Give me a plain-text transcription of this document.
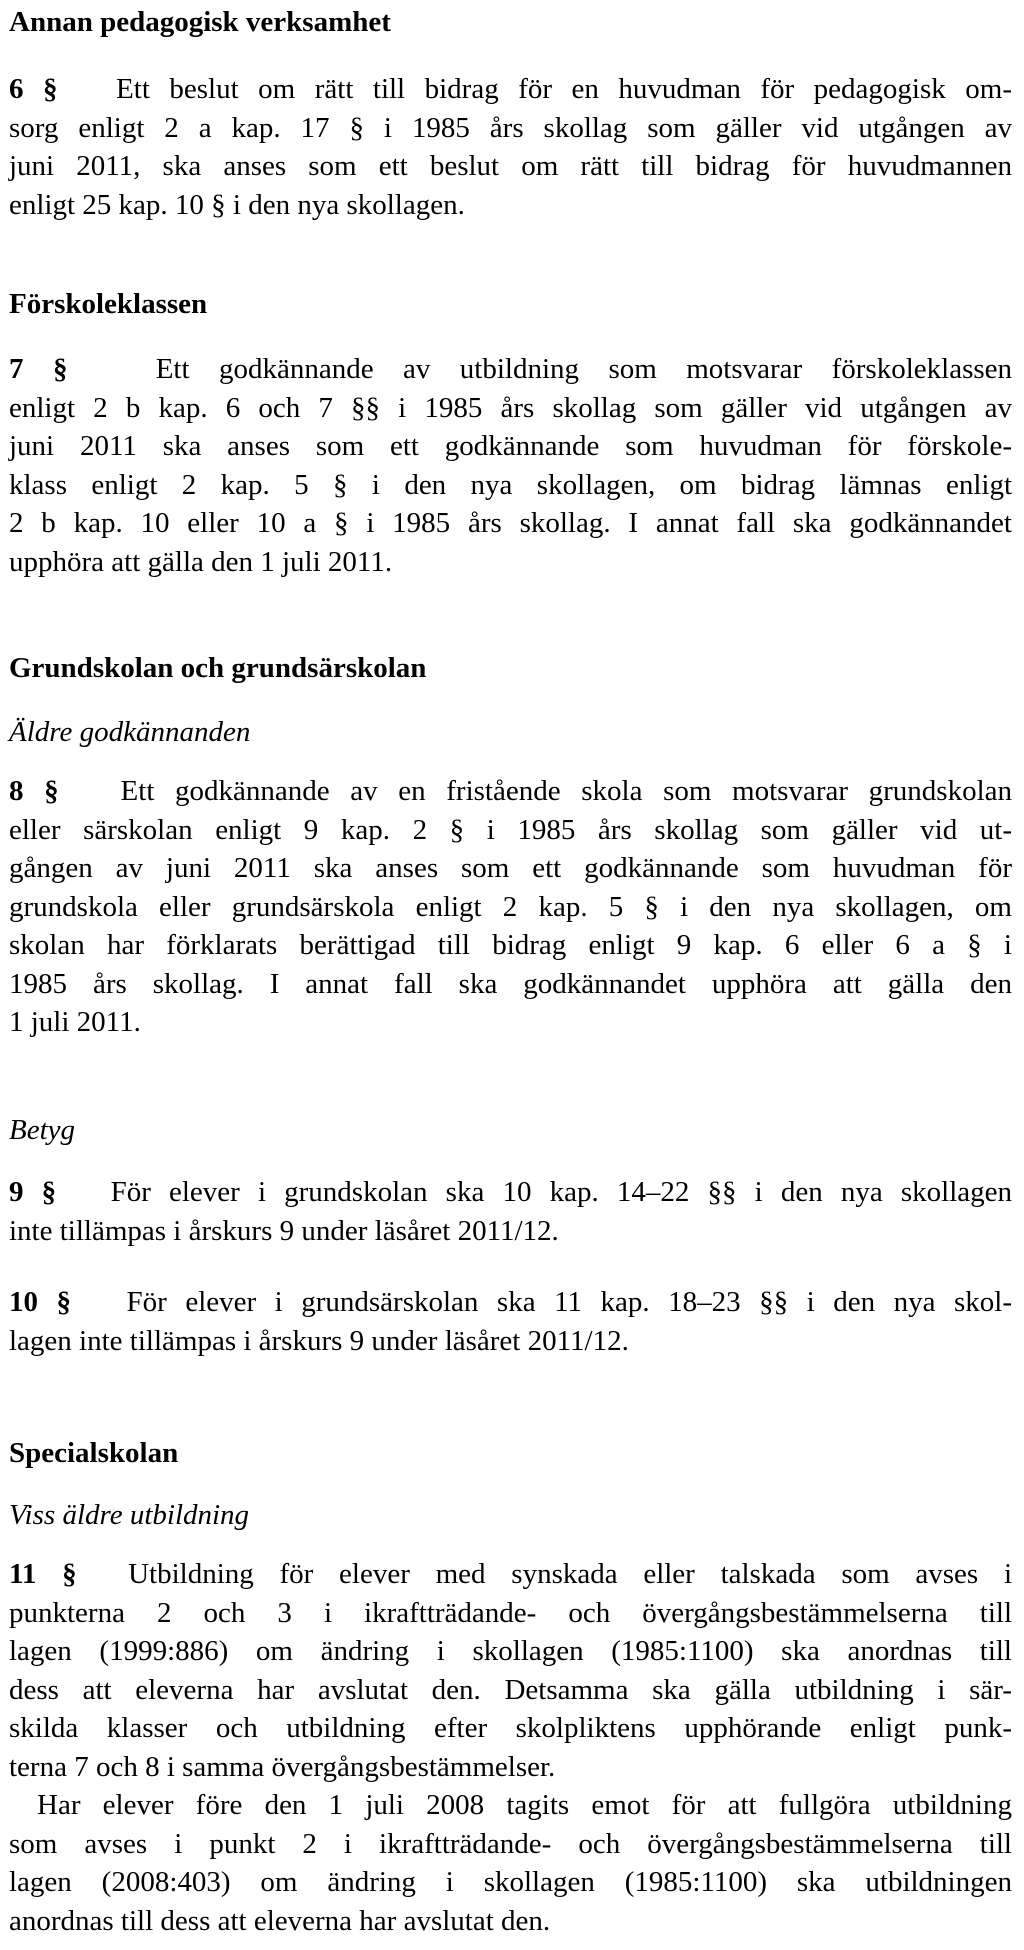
Annan pedagogisk verksamhet
6 § Ett beslut om rätt till bidrag för en huvudman för pedagogisk om-
sorg enligt 2 a kap. 17 § i 1985 års skollag som gäller vid utgången av
juni 2011, ska anses som ett beslut om rätt till bidrag för huvudmannen
enligt 25 kap. 10 § i den nya skollagen.
Förskoleklassen
7 §	Ett godkännande av utbildning som motsvarar förskoleklassen
enligt 2 b kap. 6 och 7 §§ i 1985 års skollag som gäller vid utgången av
juni 2011 ska anses som ett godkännande som huvudman för förskole-
klass enligt 2 kap. 5 § i den nya skollagen, om bidrag lämnas enligt
2 b kap. 10 eller 10 a § i 1985 års skollag. I annat fall ska godkännandet
upphöra att gälla den 1 juli 2011.
Grundskolan och grundsärskolan
Äldre godkännanden
8 § Ett godkännande av en fristående skola som motsvarar grundskolan
eller särskolan enligt 9 kap. 2 § i 1985 års skollag som gäller vid ut-
gången av juni 2011 ska anses som ett godkännande som huvudman för
grundskola eller grundsärskola enligt 2 kap. 5 § i den nya skollagen, om
skolan har förklarats berättigad till bidrag enligt 9 kap. 6 eller 6 a § i
1985 års skollag. I annat fall ska godkännandet upphöra att gälla den
1 juli 2011.
Betyg
9 § För elever i grundskolan ska 10 kap. 14–22 §§ i den nya skollagen
inte tillämpas i årskurs 9 under läsåret 2011/12.
10 § För elever i grundsärskolan ska 11 kap. 18–23 §§ i den nya skol-
lagen inte tillämpas i årskurs 9 under läsåret 2011/12.
Specialskolan
Viss äldre utbildning
11 § Utbildning för elever med synskada eller talskada som avses i
punkterna 2 och 3 i ikraftträdande- och övergångsbestämmelserna till
lagen (1999:886) om ändring i skollagen (1985:1100) ska anordnas till
dess att eleverna har avslutat den. Detsamma ska gälla utbildning i sär-
skilda klasser och utbildning efter skolpliktens upphörande enligt punk-
terna 7 och 8 i samma övergångsbestämmelser.
Har elever före den 1 juli 2008 tagits emot för att fullgöra utbildning
som avses i punkt 2 i ikraftträdande- och övergångsbestämmelserna till
lagen (2008:403) om ändring i skollagen (1985:1100) ska utbildningen
anordnas till dess att eleverna har avslutat den.
